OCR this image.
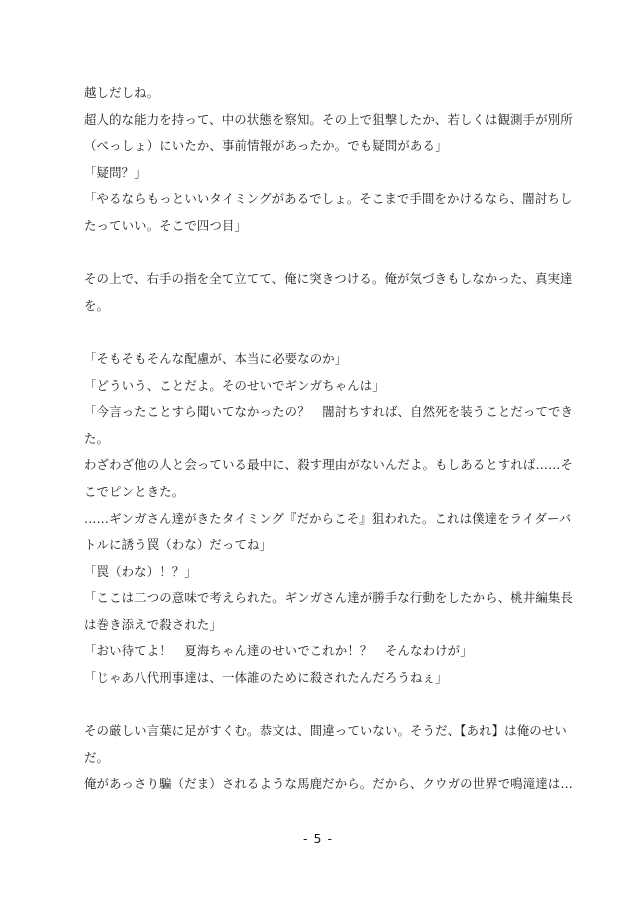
越しだしね。
超人的な能力を持って、中の状態を察知。その上で狙撃したか、若しくは観測手が別所
（べっしょ）にいたか、事前情報があったか。でも疑問がある」
「疑問？」
「やるならもっといいタイミングがあるでしょ。そこまで手間をかけるなら、闇討ちし
たっていい。そこで四つ目」
その上で、右手の指を全て立てて、俺に突きつける。俺が気づきもしなかった、真実達
を。
「そもそもそんな配慮が、本当に必要なのか」
「どういう、ことだよ。そのせいでギンガちゃんは」
「今言ったことすら聞いてなかったの？　闇討ちすれば、自然死を装うことだってでき
た。
わざわざ他の人と会っている最中に、殺す理由がないんだよ。もしあるとすれば……そ
こでピンときた。
……ギンガさん達がきたタイミング『だからこそ』狙われた。これは僕達をライダーバ
トルに誘う罠（わな）だってね」
「罠（わな）！？」
「ここは二つの意味で考えられた。ギンガさん達が勝手な行動をしたから、桃井編集長
は巻き添えで殺された」
「おい待てよ！　夏海ちゃん達のせいでこれか！？　そんなわけが」
「じゃあ八代刑事達は、一体誰のために殺されたんだろうねぇ」
その厳しい言葉に足がすくむ。恭文は、間違っていない。そうだ、【あれ】は俺のせい
だ。
俺があっさり騙（だま）されるような馬鹿だから。だから、クウガの世界で鳴滝達は…
- 5 -
